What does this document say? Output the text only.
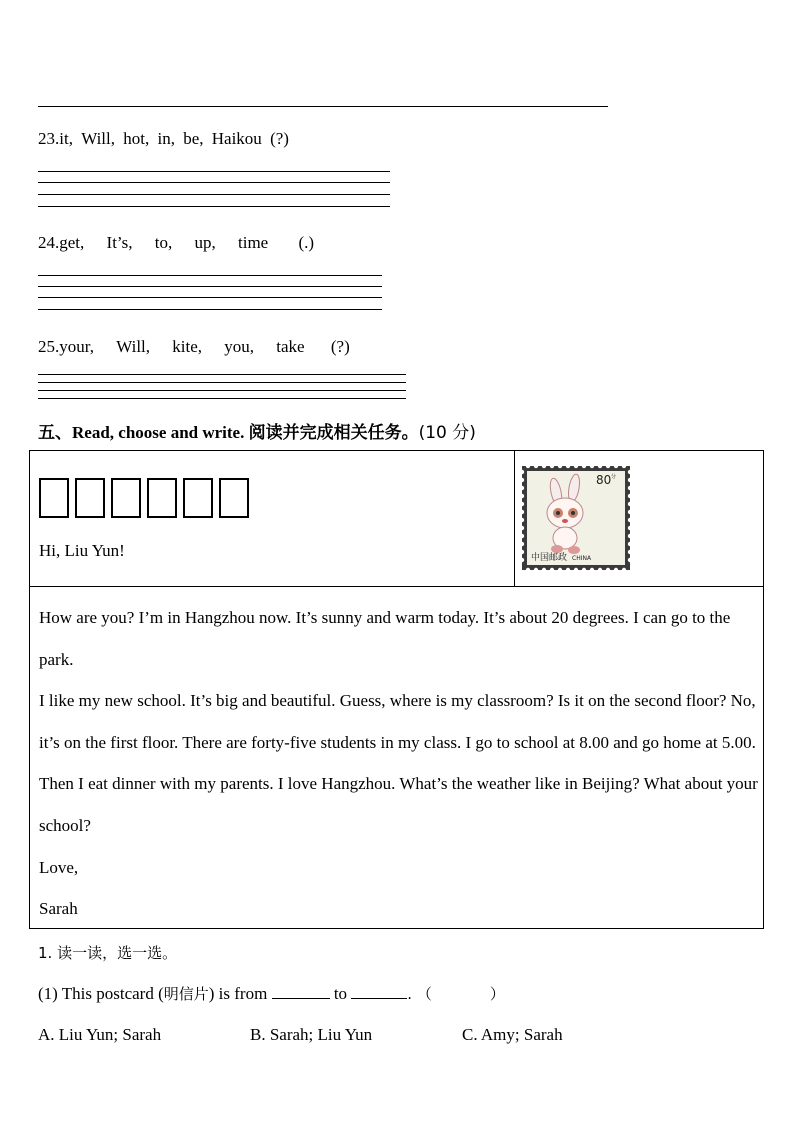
23.it, Will, hot, in, be, Haikou (?)
24.get, It’s, to, up, time (.)
25.your, Will, kite, you, take (?)
五、Read, choose and write. 阅读并完成相关任务。(10 分)
Hi, Liu Yun!
80 分
中国邮政 CHINA

How are you? I’m in Hangzhou now. It’s sunny and warm today. It’s about 20 degrees. I can go to the park.

I like my new school. It’s big and beautiful. Guess, where is my classroom? Is it on the second floor? No, it’s on the first floor. There are forty-five students in my class. I go to school at 8.00 and go home at 5.00. Then I eat dinner with my parents. I love Hangzhou. What’s the weather like in Beijing? What about your school?

Love,

Sarah

1. 读一读，选一选。
(1) This postcard (明信片) is from	to	. （	）
A. Liu Yun; Sarah	B. Sarah; Liu Yun	C. Amy; Sarah
